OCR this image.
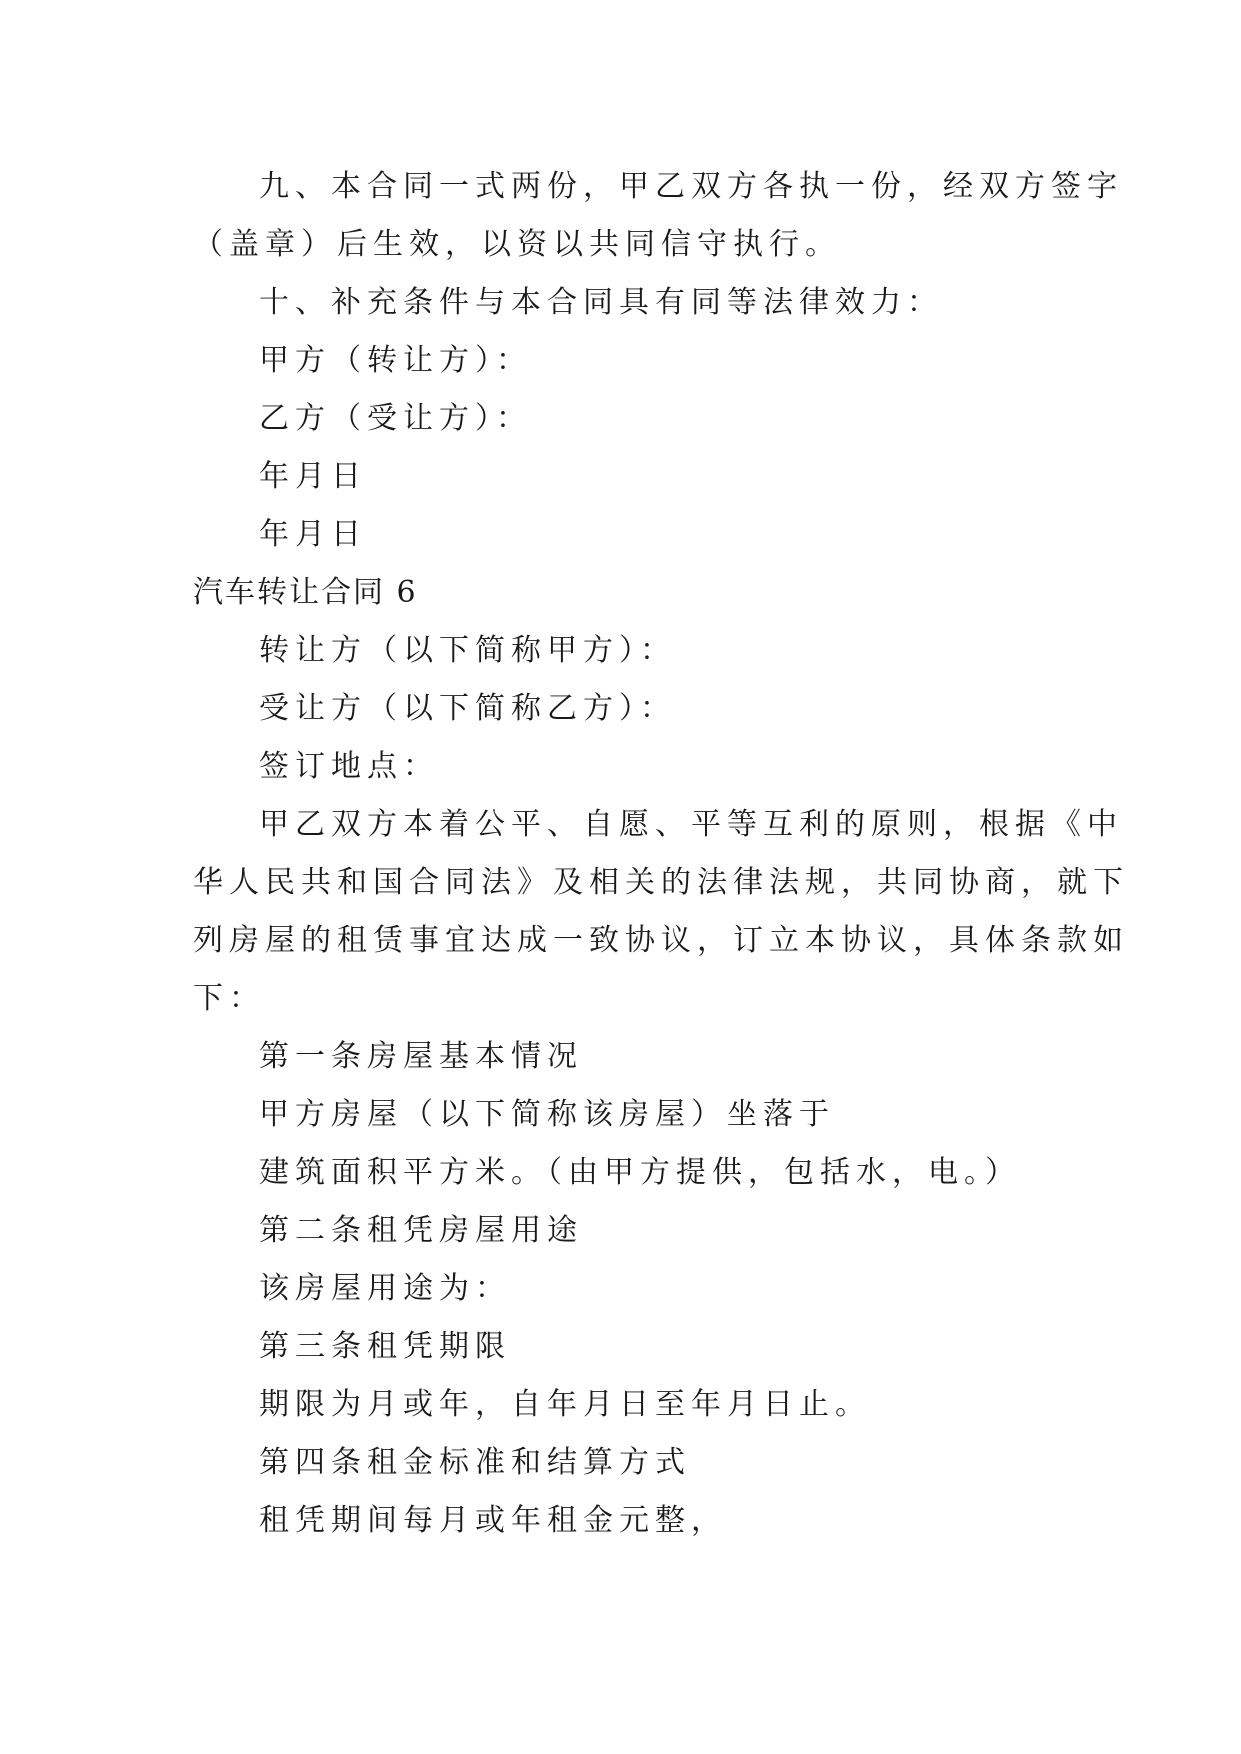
九、本合同一式两份，甲乙双方各执一份，经双方签字
（盖章）后生效，以资以共同信守执行。
十、补充条件与本合同具有同等法律效力：
甲方（转让方）：
乙方（受让方）：
年月日
年月日
汽车转让合同 6
转让方（以下简称甲方）：
受让方（以下简称乙方）：
签订地点：
甲乙双方本着公平、自愿、平等互利的原则，根据《中
华人民共和国合同法》及相关的法律法规，共同协商，就下
列房屋的租赁事宜达成一致协议，订立本协议，具体条款如
下：
第一条房屋基本情况
甲方房屋（以下简称该房屋）坐落于
建筑面积平方米。（由甲方提供，包括水，电。）
第二条租凭房屋用途
该房屋用途为：
第三条租凭期限
期限为月或年，自年月日至年月日止。
第四条租金标准和结算方式
租凭期间每月或年租金元整，
